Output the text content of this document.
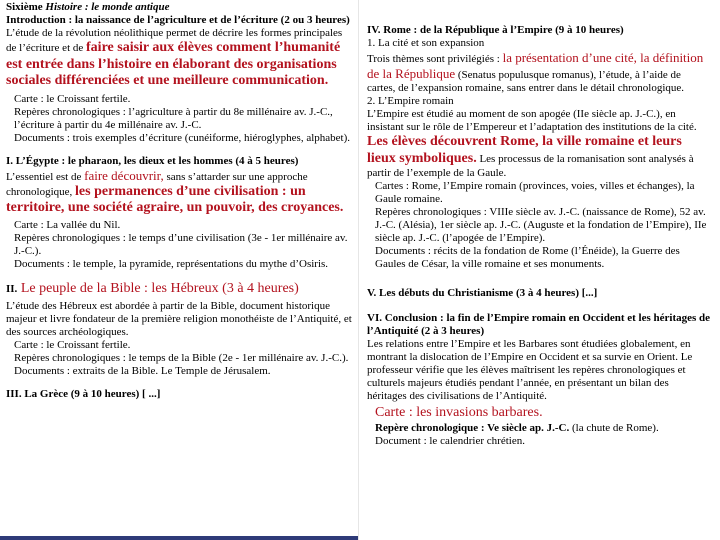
Sixième Histoire : le monde antique

Introduction : la naissance de l’agriculture et de l’écriture (2 ou 3 heures)

L’étude de la révolution néolithique permet de décrire les formes principales de l’écriture et de faire saisir aux élèves comment l’humanité est entrée dans l’histoire en élaborant des organisations sociales différenciées et une meilleure communication.

Carte : le Croissant fertile.

Repères chronologiques : l’agriculture à partir du 8e millénaire av. J.-C., l’écriture à partir du 4e millénaire av. J.-C.

Documents : trois exemples d’écriture (cunéiforme, hiéroglyphes, alphabet).

I. L’Égypte : le pharaon, les dieux et les hommes (4 à 5 heures)

L’essentiel est de faire découvrir, sans s’attarder sur une approche chronologique, les permanences d’une civilisation : un territoire, une société agraire, un pouvoir, des croyances.

Carte : La vallée du Nil.

Repères chronologiques : le temps d’une civilisation (3e - 1er millénaire av. J.-C.).

Documents : le temple, la pyramide, représentations du mythe d’Osiris.

II. Le peuple de la Bible : les Hébreux (3 à 4 heures)

L’étude des Hébreux est abordée à partir de la Bible, document historique majeur et livre fondateur de la première religion monothéiste de l’Antiquité, et des sources archéologiques.

Carte : le Croissant fertile.

Repères chronologiques : le temps de la Bible (2e - 1er millénaire av. J.-C.).

Documents : extraits de la Bible. Le Temple de Jérusalem.

III. La Grèce (9 à 10 heures) [ ...]

IV. Rome : de la République à l’Empire (9 à 10 heures)

1. La cité et son expansion

Trois thèmes sont privilégiés : la présentation d’une cité, la définition de la République (Senatus populusque romanus), l’étude, à l’aide de cartes, de l’expansion romaine, sans entrer dans le détail chronologique.

2. L’Empire romain

L’Empire est étudié au moment de son apogée (IIe siècle ap. J.-C.), en insistant sur le rôle de l’Empereur et l’adaptation des institutions de la cité. Les élèves découvrent Rome, la ville romaine et leurs lieux symboliques. Les processus de la romanisation sont analysés à partir de l’exemple de la Gaule.

Cartes : Rome, l’Empire romain (provinces, voies, villes et échanges), la Gaule romaine.

Repères chronologiques : VIIIe siècle av. J.-C. (naissance de Rome), 52 av. J.-C. (Alésia), 1er siècle ap. J.-C. (Auguste et la fondation de l’Empire), IIe siècle ap. J.-C. (l’apogée de l’Empire).

Documents : récits de la fondation de Rome (l’Énéide), la Guerre des Gaules de César, la ville romaine et ses monuments.

V. Les débuts du Christianisme (3 à 4 heures) [...]

VI. Conclusion : la fin de l’Empire romain en Occident et les héritages de l’Antiquité (2 à 3 heures)

Les relations entre l’Empire et les Barbares sont étudiées globalement, en montrant la dislocation de l’Empire en Occident et sa survie en Orient. Le professeur vérifie que les élèves maîtrisent les repères chronologiques et culturels majeurs étudiés pendant l’année, en présentant un bilan des héritages des civilisations de l’Antiquité.

Carte : les invasions barbares.

Repère chronologique : Ve siècle ap. J.-C. (la chute de Rome).

Document : le calendrier chrétien.
